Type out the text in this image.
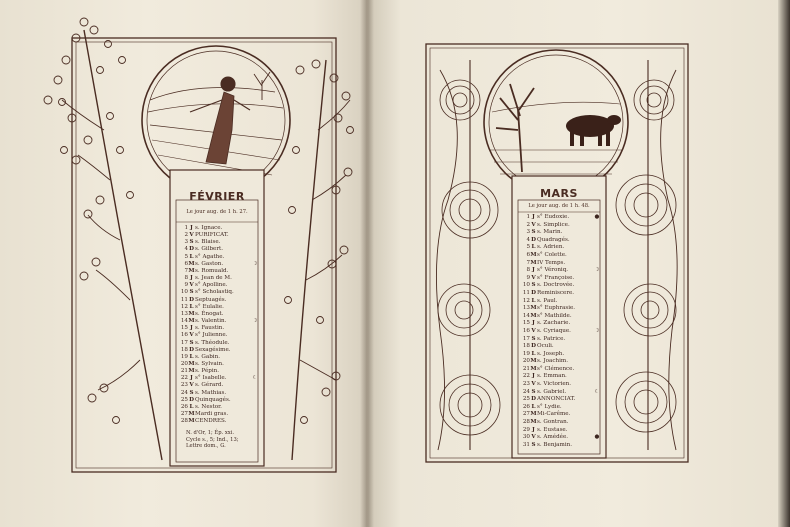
FÉVRIER
Le jour aug. de 1 h. 27.
1 J s. Ignace.
2 V PURIFICAT.
3 S s. Blaise.
4 D s. Gilbert.
5 L s° Agathe.
6 M s. Gaston.	☽
7 M s. Romuald.
8 J s. Jean de M.
9 V s° Apolline.
10 S s° Scholastiq.
11 D Septuagés.
12 L s° Eulalie.
13 M s. Énogat.
14 M s. Valentin.	☽
15 J s. Faustin.
16 V s° Julienne.
17 S s. Théodule.
18 D Sexagésime.
19 L s. Gabin.
20 M s. Sylvain.
21 M s. Pépin.
22 J s° Isabelle.	☾
23 V s. Gérard.
24 S s. Mathias.
25 D Quinquagés.
26 L s. Nestor.
27 M Mardi gras.
28 M CENDRES.
N. d'Or, 1; Ép. xxi.
Cycle s., 5; Ind., 13;
Lettre dom., G.
MARS
Le jour aug. de 1 h. 48.
1 J s° Eudoxie.	●
2 V s. Simplice.
3 S s. Marin.
4 D Quadragés.
5 L s. Adrien.
6 M s° Colette.
7 M IV Temps.
8 J s° Véroniq.	☽
9 V s° Françoise.
10 S s. Doctrovée.
11 D Reminiscere.
12 L s. Paul.
13 M s° Euphrasie.
14 M s° Mathilde.
15 J s. Zacharie.
16 V s. Cyriaque.	☽
17 S s. Patrice.
18 D Oculi.
19 L s. Joseph.
20 M s. Joachim.
21 M s° Clémence.
22 J s. Emman.
23 V s. Victorien.
24 S s. Gabriel.	☾
25 D ANNONCIAT.
26 L s° Lydie.
27 M Mi-Carême.
28 M s. Gontran.
29 J s. Eustase.
30 V s. Amédée.	●
31 S s. Benjamin.
